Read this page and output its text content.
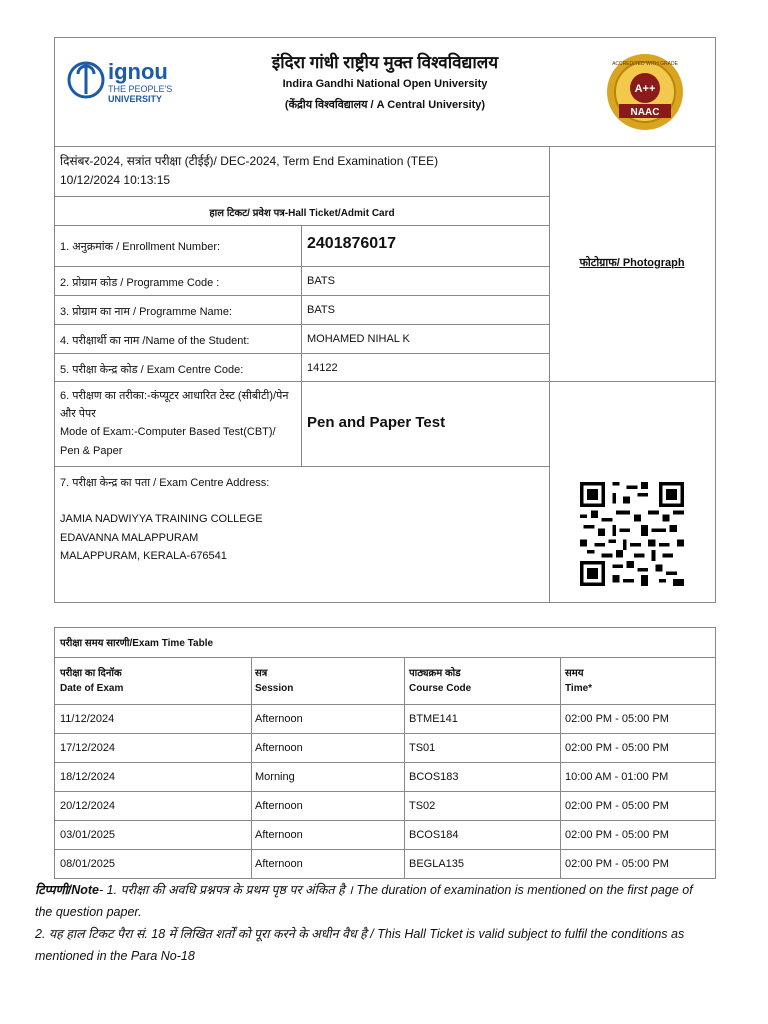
ignou
THE PEOPLE'S
UNIVERSITY
इंदिरा गांधी राष्ट्रीय मुक्त विश्वविद्यालय
Indira Gandhi National Open University
(केंद्रीय विश्वविद्यालय / A Central University)
A++
NAAC
ACCREDITED WITH GRADE
दिसंबर-2024, सत्रांत परीक्षा (टीईई)/ DEC-2024, Term End Examination (TEE)
10/12/2024 10:13:15
हाल टिकट/ प्रवेश पत्र-Hall Ticket/Admit Card
फोटोग्राफ/ Photograph
1. अनुक्रमांक / Enrollment Number:	2401876017
2. प्रोग्राम कोड / Programme Code :	BATS
3. प्रोग्राम का नाम / Programme Name:	BATS
4. परीक्षार्थी का नाम /Name of the Student:	MOHAMED NIHAL K
5. परीक्षा केन्द्र कोड / Exam Centre Code:	14122
6. परीक्षण का तरीका:-कंप्यूटर आधारित टेस्ट (सीबीटी)/पेन
और पेपर
Mode of Exam:-Computer Based Test(CBT)/
Pen & Paper
Pen and Paper Test
7. परीक्षा केन्द्र का पता / Exam Centre Address:
JAMIA NADWIYYA TRAINING COLLEGE
EDAVANNA MALAPPURAM
MALAPPURAM, KERALA-676541
परीक्षा समय सारणी/Exam Time Table
परीक्षा का दिनॉक
Date of Exam
सत्र
Session
पाठ्यक्रम कोड
Course Code
समय
Time*
11/12/2024	Afternoon	BTME141	02:00 PM - 05:00 PM
17/12/2024	Afternoon	TS01	02:00 PM - 05:00 PM
18/12/2024	Morning	BCOS183	10:00 AM - 01:00 PM
20/12/2024	Afternoon	TS02	02:00 PM - 05:00 PM
03/01/2025	Afternoon	BCOS184	02:00 PM - 05:00 PM
08/01/2025	Afternoon	BEGLA135	02:00 PM - 05:00 PM
टिप्पणी/Note- 1. परीक्षा की अवधि प्रश्नपत्र के प्रथम पृष्ठ पर अंकित है । The duration of examination is mentioned on the first page of
the question paper.
2. यह हाल टिकट पैरा सं. 18 में लिखित शर्तों को पूरा करने के अधीन वैध है / This Hall Ticket is valid subject to fulfil the conditions as
mentioned in the Para No-18
